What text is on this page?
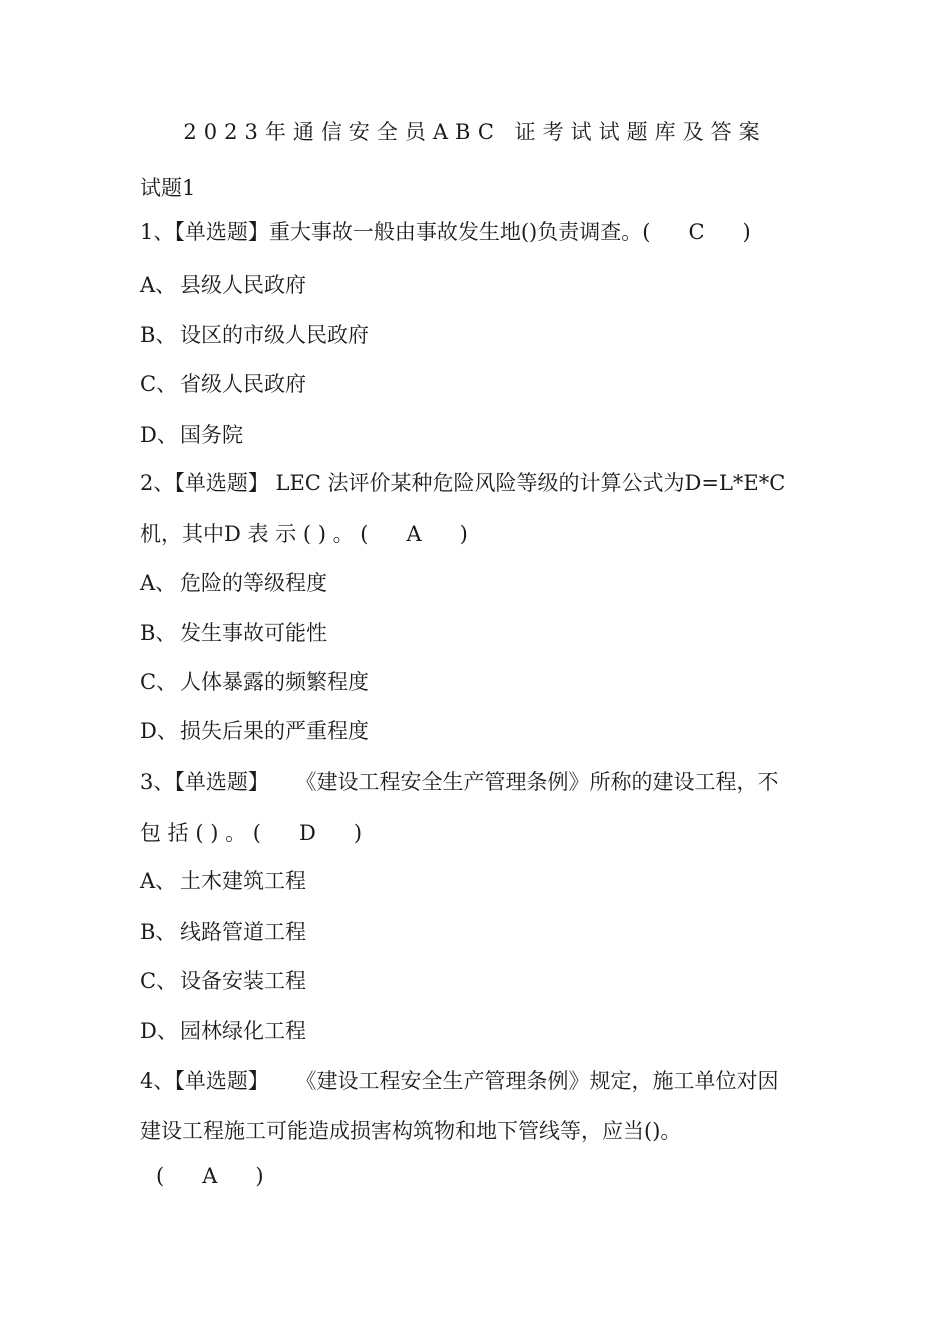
2023年通信安全员ABC 证考试试题库及答案
试题1
1、【单选题】重大事故一般由事故发生地()负责调查。( C )
A、 县级人民政府
B、 设区的市级人民政府
C、 省级人民政府
D、 国务院
2、【单选题】 LEC 法评价某种危险风险等级的计算公式为D=L*E*C
机，其中D 表 示 ( ) 。 ( A )
A、 危险的等级程度
B、 发生事故可能性
C、 人体暴露的频繁程度
D、 损失后果的严重程度
3、【单选题】    《建设工程安全生产管理条例》所称的建设工程，不
包 括 ( ) 。 ( D )
A、 土木建筑工程
B、 线路管道工程
C、 设备安装工程
D、 园林绿化工程
4、【单选题】    《建设工程安全生产管理条例》规定，施工单位对因
建设工程施工可能造成损害构筑物和地下管线等，应当()。
( A )
